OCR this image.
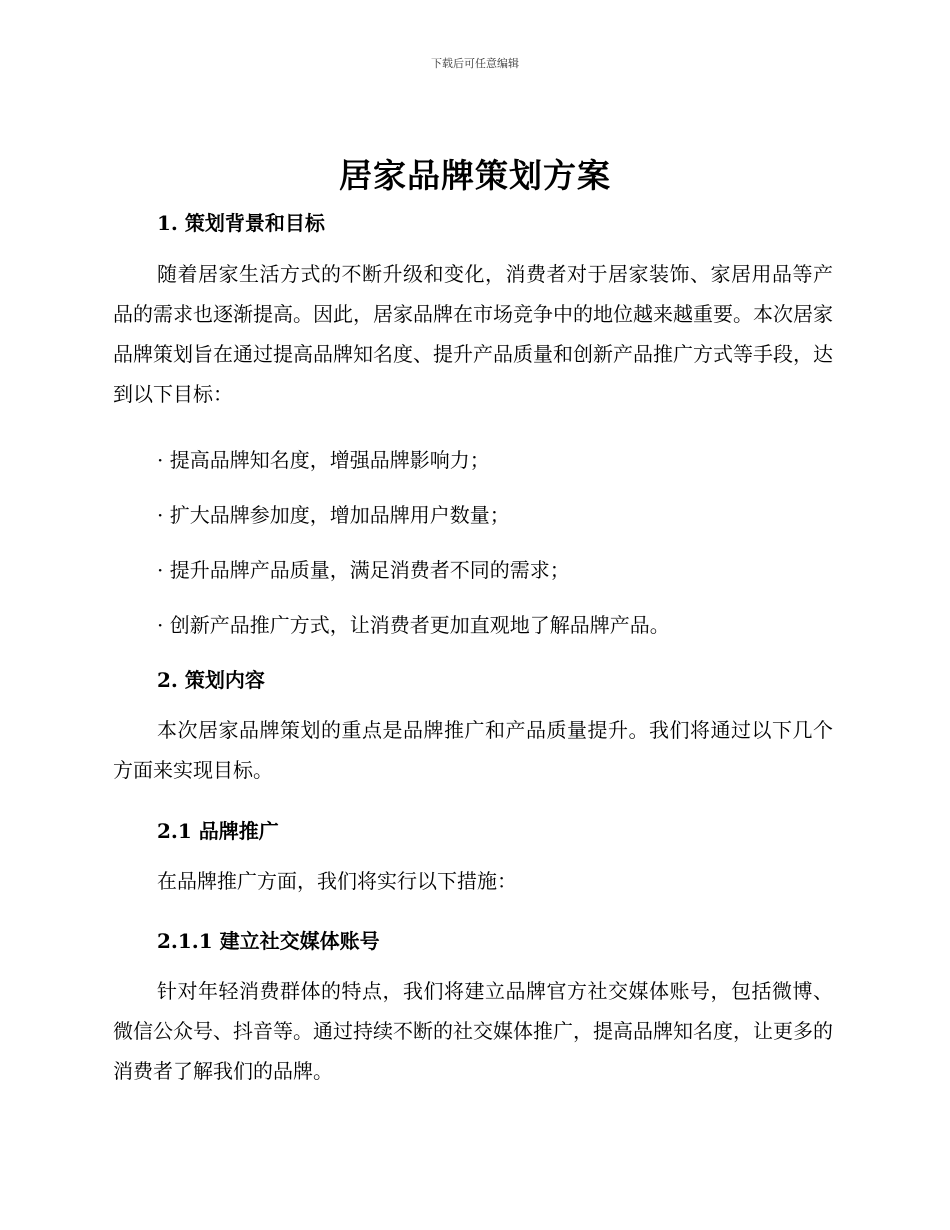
下载后可任意编辑
居家品牌策划方案
1. 策划背景和目标
随着居家生活方式的不断升级和变化，消费者对于居家装饰、家居用品等产品的需求也逐渐提高。因此，居家品牌在市场竞争中的地位越来越重要。本次居家品牌策划旨在通过提高品牌知名度、提升产品质量和创新产品推广方式等手段，达到以下目标：
· 提高品牌知名度，增强品牌影响力；
· 扩大品牌参加度，增加品牌用户数量；
· 提升品牌产品质量，满足消费者不同的需求；
· 创新产品推广方式，让消费者更加直观地了解品牌产品。
2. 策划内容
本次居家品牌策划的重点是品牌推广和产品质量提升。我们将通过以下几个方面来实现目标。
2.1 品牌推广
在品牌推广方面，我们将实行以下措施：
2.1.1 建立社交媒体账号
针对年轻消费群体的特点，我们将建立品牌官方社交媒体账号，包括微博、微信公众号、抖音等。通过持续不断的社交媒体推广，提高品牌知名度，让更多的消费者了解我们的品牌。
